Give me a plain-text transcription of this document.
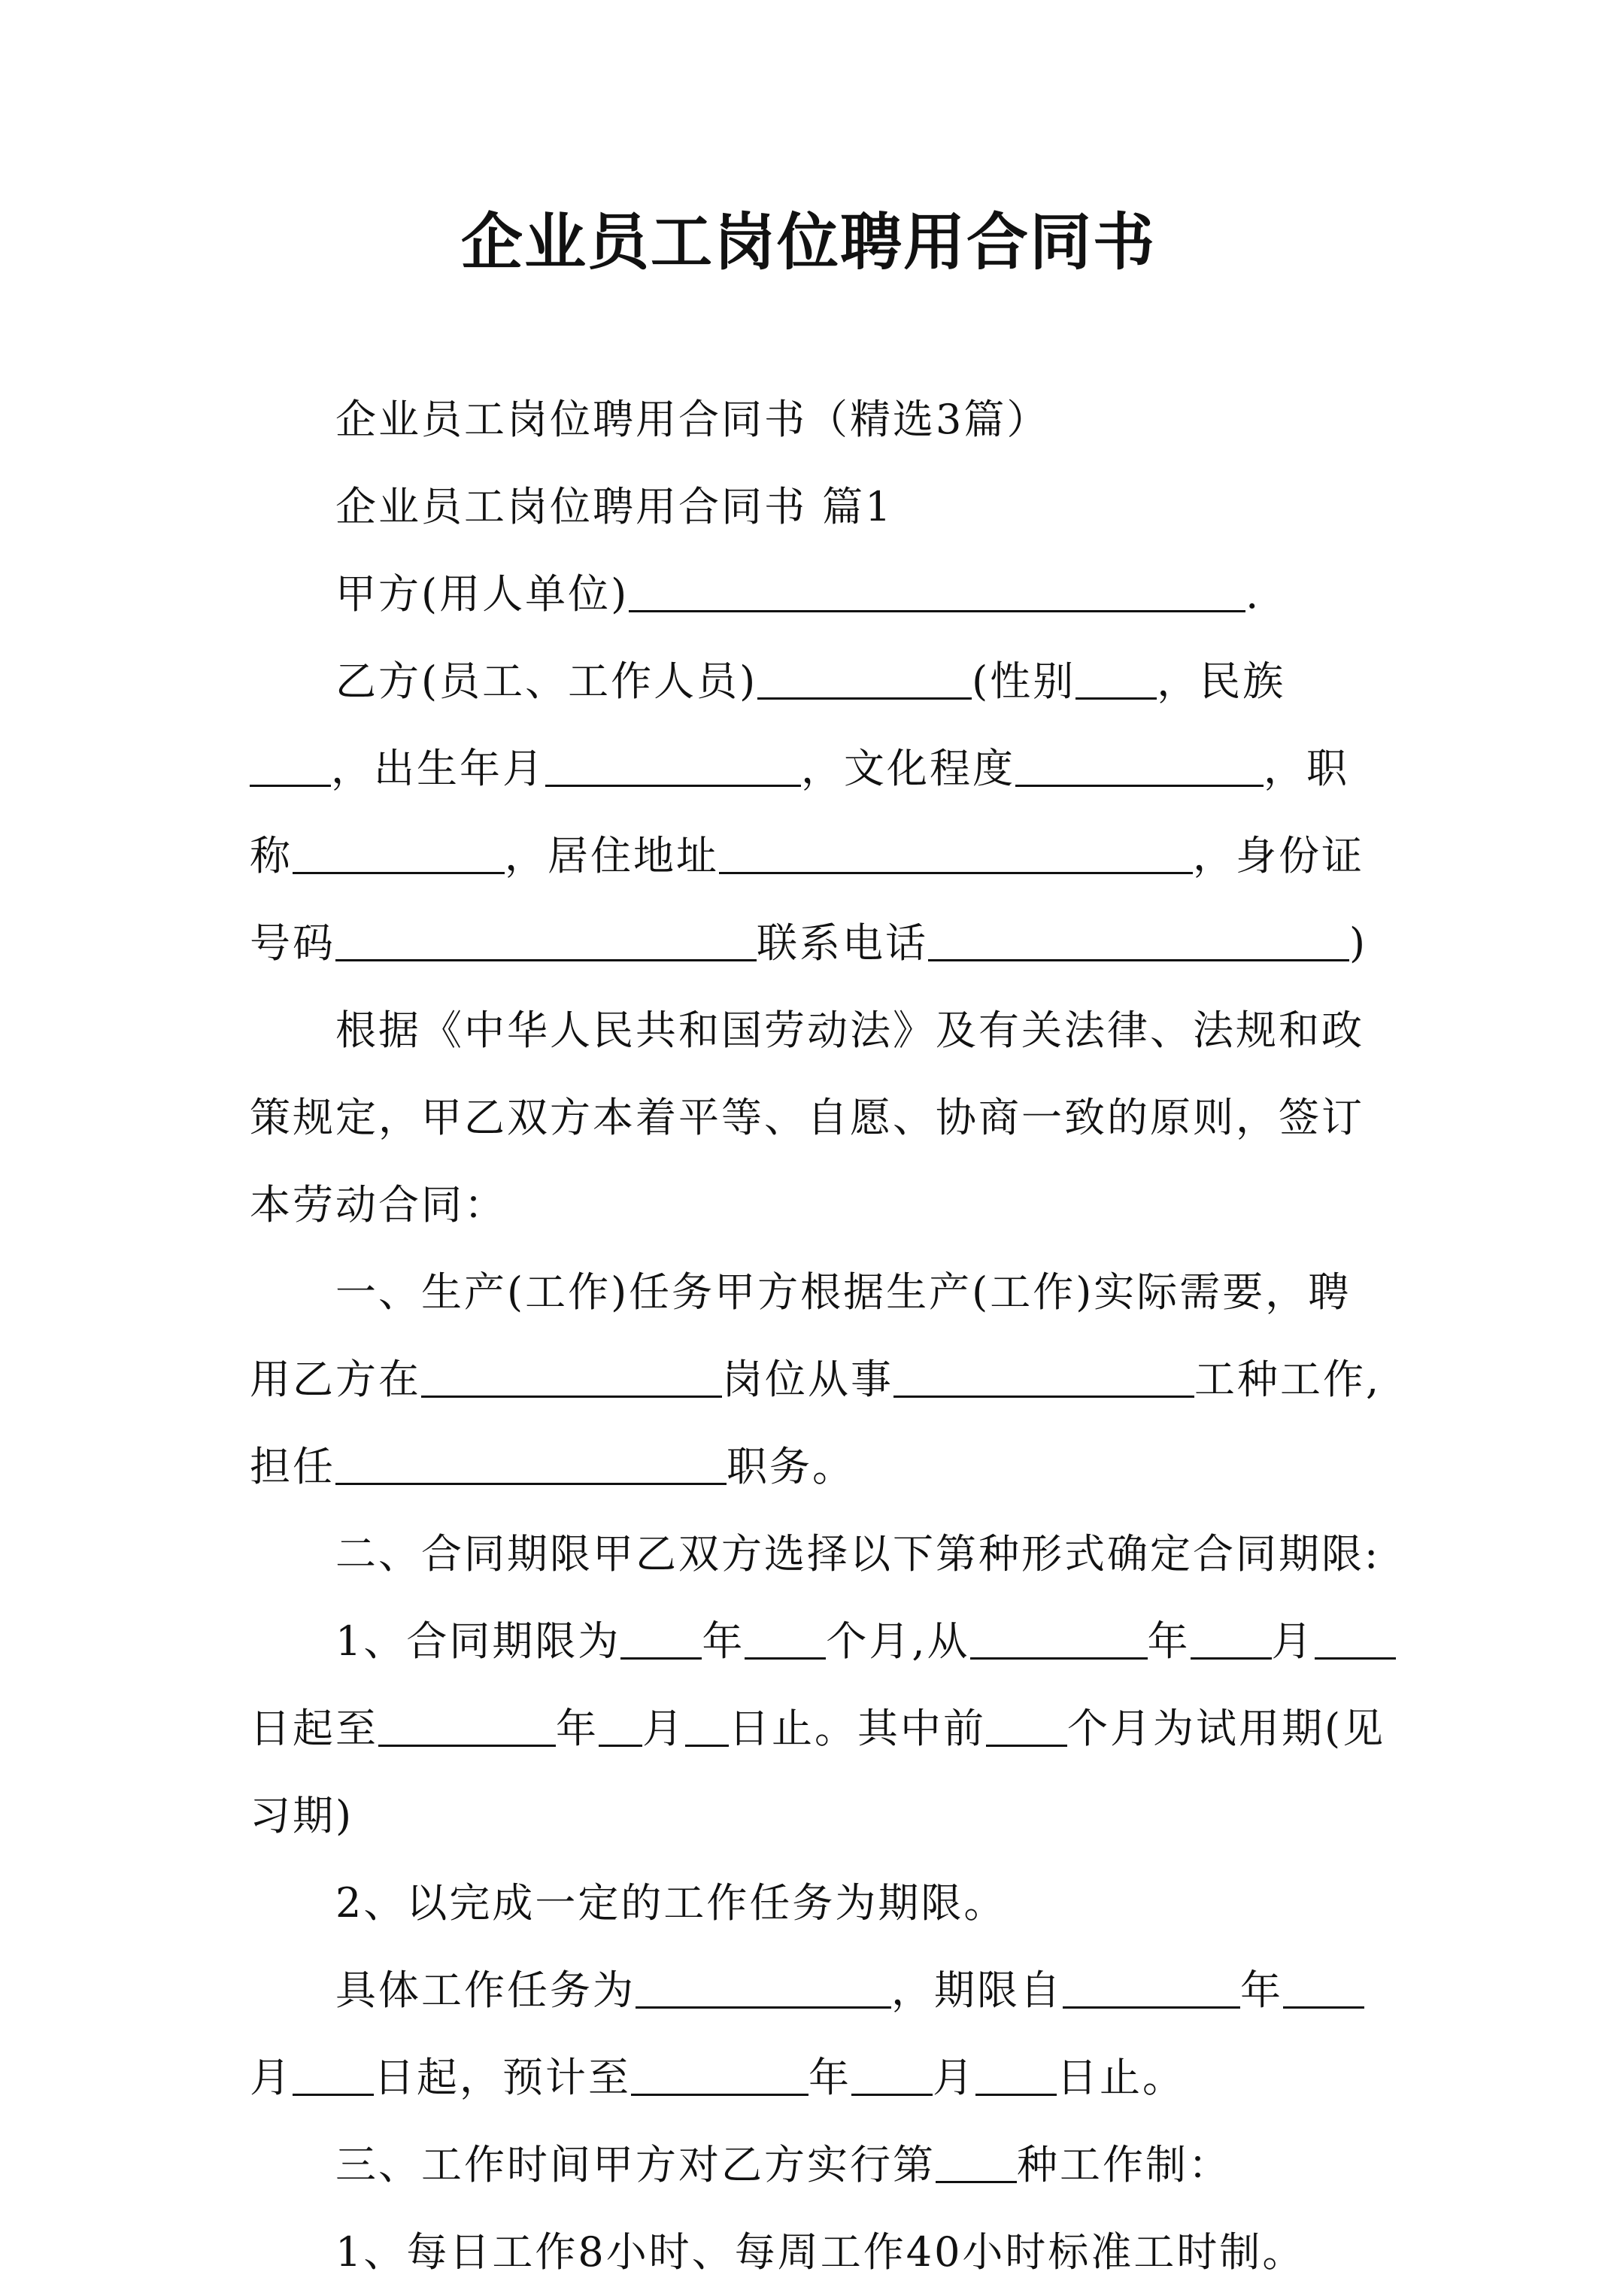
企业员工岗位聘用合同书

企业员工岗位聘用合同书（精选3篇）

企业员工岗位聘用合同书 篇1

甲方(用人单位)	.

乙方(员工、工作人员)	(性别 ，民族

，出生年月	，文化程度	，职

称	，居住地址	，身份证

号码	联系电话	)

根据《中华人民共和国劳动法》及有关法律、法规和政

策规定，甲乙双方本着平等、自愿、协商一致的原则，签订

本劳动合同：

一、生产(工作)任务甲方根据生产(工作)实际需要，聘

用乙方在	岗位从事	工种工作,

担任	职务。

二、合同期限甲乙双方选择以下第种形式确定合同期限:

1、合同期限为 年 个月,从	年 月

日起至	年 月 日止。其中前 个月为试用期(见

习期)

2、以完成一定的工作任务为期限。

具体工作任务为	，期限自	年

月 日起，预计至	年 月 日止。

三、工作时间甲方对乙方实行第 种工作制：

1、每日工作8小时、每周工作40小时标准工时制。
